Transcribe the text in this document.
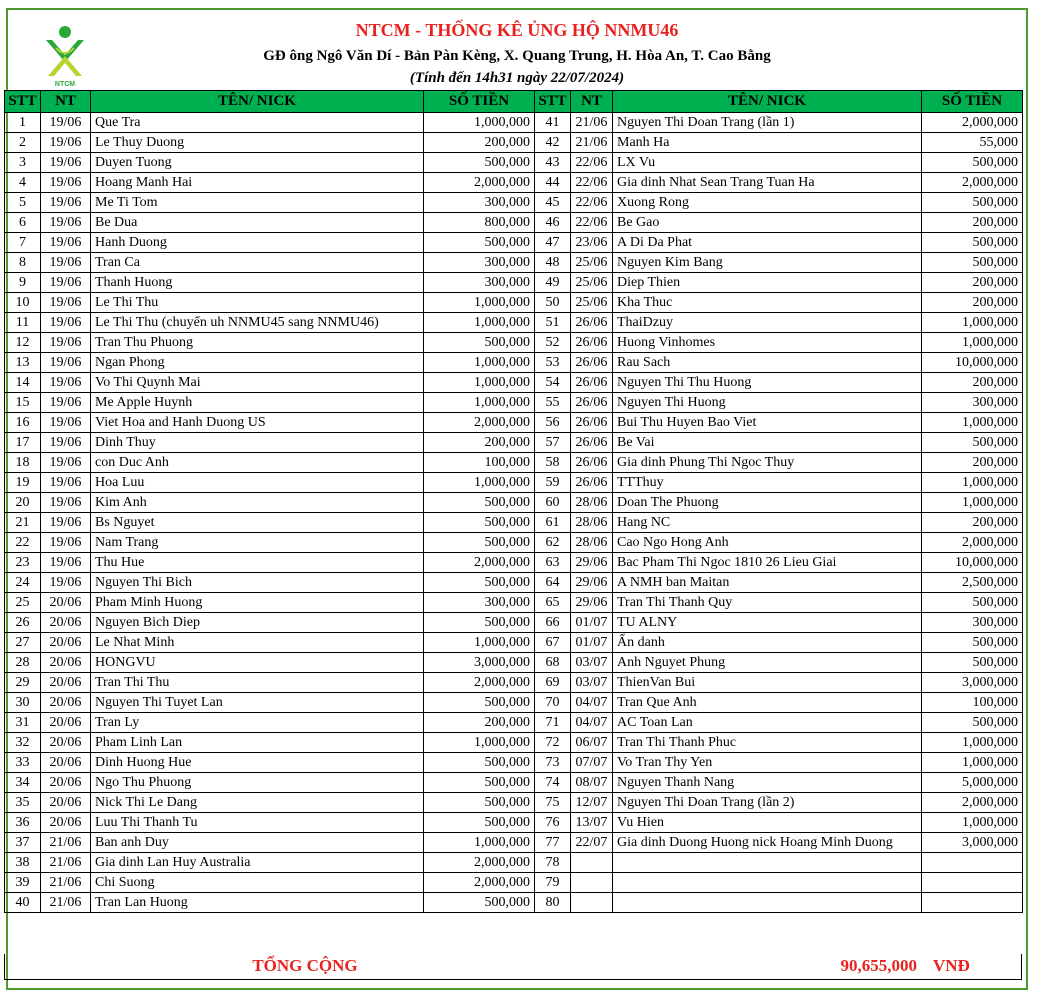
NTCM
NTCM - THỐNG KÊ ỦNG HỘ NNMU46
GĐ ông Ngô Văn Dí - Bản Pàn Kèng, X. Quang Trung, H. Hòa An, T. Cao Bằng
(Tính đến 14h31 ngày 22/07/2024)
STT	NT	TÊN/ NICK	SỐ TIỀN	STT	NT	TÊN/ NICK	SỐ TIỀN
1	19/06	Que Tra	1,000,000	41	21/06	Nguyen Thi Doan Trang (lần 1)	2,000,000
2	19/06	Le Thuy Duong	200,000	42	21/06	Manh Ha	55,000
3	19/06	Duyen Tuong	500,000	43	22/06	LX Vu	500,000
4	19/06	Hoang Manh Hai	2,000,000	44	22/06	Gia dinh Nhat Sean Trang Tuan Ha	2,000,000
5	19/06	Me Ti Tom	300,000	45	22/06	Xuong Rong	500,000
6	19/06	Be Dua	800,000	46	22/06	Be Gao	200,000
7	19/06	Hanh Duong	500,000	47	23/06	A Di Da Phat	500,000
8	19/06	Tran Ca	300,000	48	25/06	Nguyen Kim Bang	500,000
9	19/06	Thanh Huong	300,000	49	25/06	Diep Thien	200,000
10	19/06	Le Thi Thu	1,000,000	50	25/06	Kha Thuc	200,000
11	19/06	Le Thi Thu (chuyển uh NNMU45 sang NNMU46)	1,000,000	51	26/06	ThaiDzuy	1,000,000
12	19/06	Tran Thu Phuong	500,000	52	26/06	Huong Vinhomes	1,000,000
13	19/06	Ngan Phong	1,000,000	53	26/06	Rau Sach	10,000,000
14	19/06	Vo Thi Quynh Mai	1,000,000	54	26/06	Nguyen Thi Thu Huong	200,000
15	19/06	Me Apple Huynh	1,000,000	55	26/06	Nguyen Thi Huong	300,000
16	19/06	Viet Hoa and Hanh Duong US	2,000,000	56	26/06	Bui Thu Huyen Bao Viet	1,000,000
17	19/06	Dinh Thuy	200,000	57	26/06	Be Vai	500,000
18	19/06	con Duc Anh	100,000	58	26/06	Gia dinh Phung Thi Ngoc Thuy	200,000
19	19/06	Hoa Luu	1,000,000	59	26/06	TTThuy	1,000,000
20	19/06	Kim Anh	500,000	60	28/06	Doan The Phuong	1,000,000
21	19/06	Bs Nguyet	500,000	61	28/06	Hang NC	200,000
22	19/06	Nam Trang	500,000	62	28/06	Cao Ngo Hong Anh	2,000,000
23	19/06	Thu Hue	2,000,000	63	29/06	Bac Pham Thi Ngoc 1810 26 Lieu Giai	10,000,000
24	19/06	Nguyen Thi Bich	500,000	64	29/06	A NMH ban Maitan	2,500,000
25	20/06	Pham Minh Huong	300,000	65	29/06	Tran Thi Thanh Quy	500,000
26	20/06	Nguyen Bich Diep	500,000	66	01/07	TU ALNY	300,000
27	20/06	Le Nhat Minh	1,000,000	67	01/07	Ẩn danh	500,000
28	20/06	HONGVU	3,000,000	68	03/07	Anh Nguyet Phung	500,000
29	20/06	Tran Thi Thu	2,000,000	69	03/07	ThienVan Bui	3,000,000
30	20/06	Nguyen Thi Tuyet Lan	500,000	70	04/07	Tran Que Anh	100,000
31	20/06	Tran Ly	200,000	71	04/07	AC Toan Lan	500,000
32	20/06	Pham Linh Lan	1,000,000	72	06/07	Tran Thi Thanh Phuc	1,000,000
33	20/06	Dinh Huong Hue	500,000	73	07/07	Vo Tran Thy Yen	1,000,000
34	20/06	Ngo Thu Phuong	500,000	74	08/07	Nguyen Thanh Nang	5,000,000
35	20/06	Nick Thi Le Dang	500,000	75	12/07	Nguyen Thi Doan Trang (lần 2)	2,000,000
36	20/06	Luu Thi Thanh Tu	500,000	76	13/07	Vu Hien	1,000,000
37	21/06	Ban anh Duy	1,000,000	77	22/07	Gia dinh Duong Huong nick Hoang Minh Duong	3,000,000
38	21/06	Gia dinh Lan Huy Australia	2,000,000	78			
39	21/06	Chi Suong	2,000,000	79			
40	21/06	Tran Lan Huong	500,000	80			
TỔNG CỘNG	90,655,000 VNĐ
